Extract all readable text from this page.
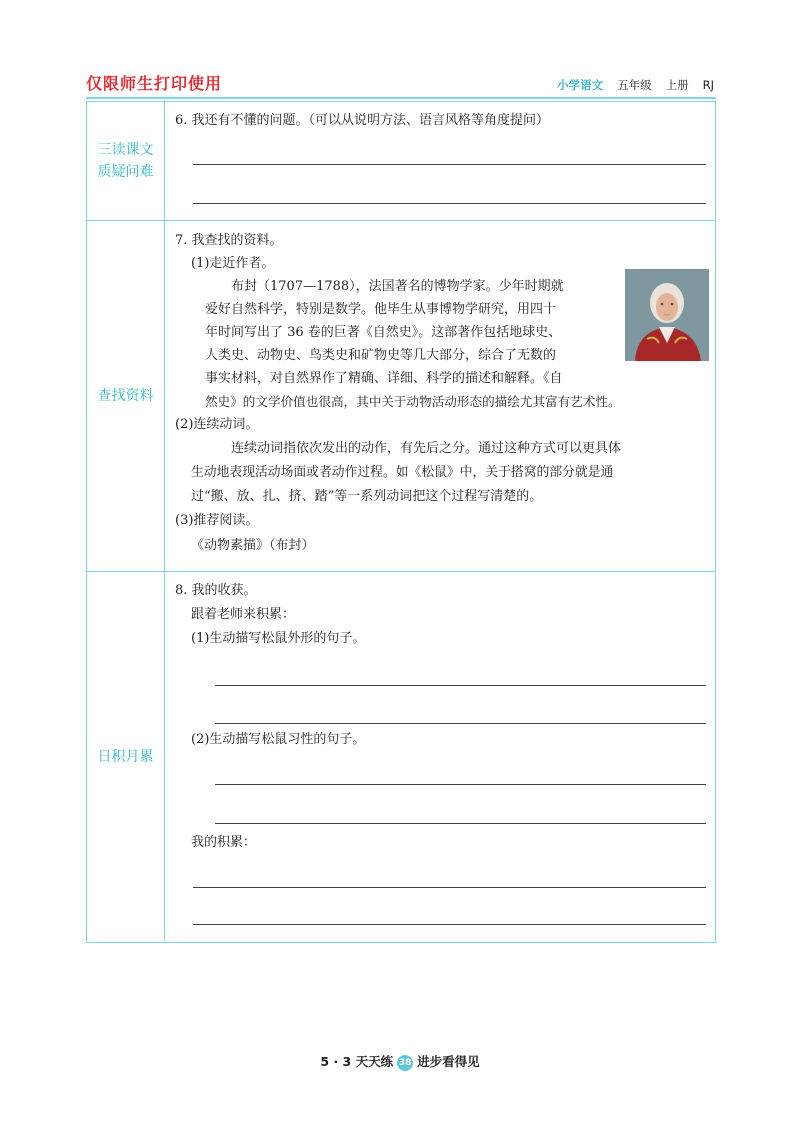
仅限师生打印使用	小学语文 五年级 上册 RJ
三读课文
质疑问难
6. 我还有不懂的问题。（可以从说明方法、语言风格等角度提问）
查找资料
7. 我查找的资料。
(1)走近作者。
布封（1707—1788），法国著名的博物学家。少年时期就
爱好自然科学，特别是数学。他毕生从事博物学研究，用四十
年时间写出了 36 卷的巨著《自然史》。这部著作包括地球史、
人类史、动物史、鸟类史和矿物史等几大部分，综合了无数的
事实材料，对自然界作了精确、详细、科学的描述和解释。《自
然史》的文学价值也很高，其中关于动物活动形态的描绘尤其富有艺术性。
(2)连续动词。
连续动词指依次发出的动作，有先后之分。通过这种方式可以更具体
生动地表现活动场面或者动作过程。如《松鼠》中，关于搭窝的部分就是通
过“搬、放、扎、挤、踏”等一系列动词把这个过程写清楚的。
(3)推荐阅读。
《动物素描》（布封）
日积月累
8. 我的收获。
跟着老师来积累：
(1)生动描写松鼠外形的句子。
(2)生动描写松鼠习性的句子。
我的积累：
5 · 3 天天练 38 进步看得见
